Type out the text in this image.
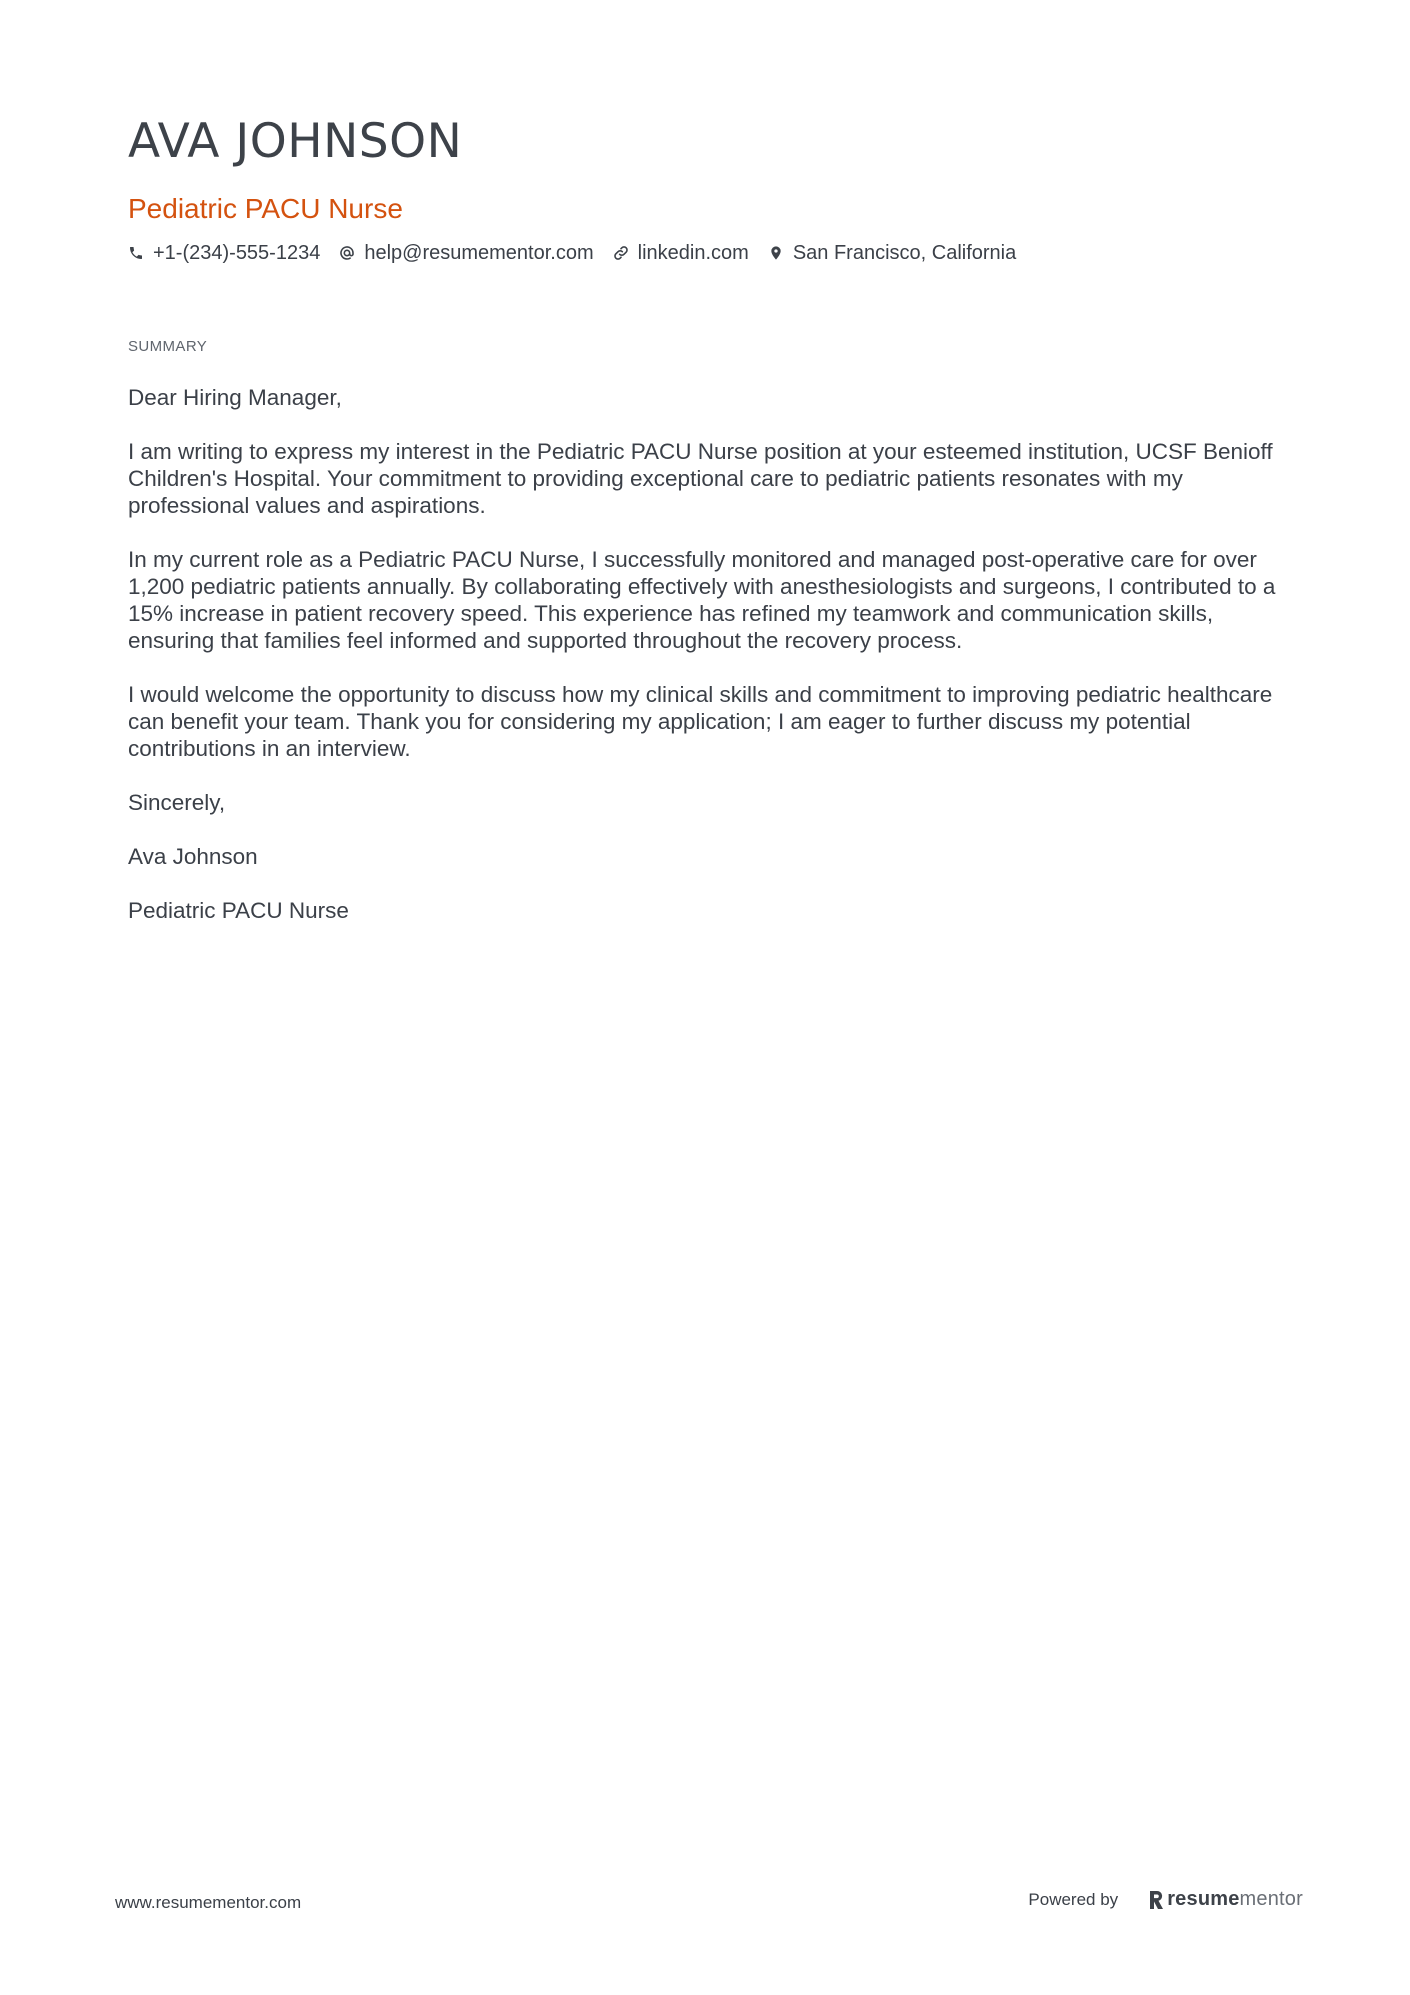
AVA JOHNSON
Pediatric PACU Nurse
+1-(234)-555-1234 help@resumementor.com linkedin.com San Francisco, California
SUMMARY

Dear Hiring Manager,

I am writing to express my interest in the Pediatric PACU Nurse position at your esteemed institution, UCSF Benioff Children's Hospital. Your commitment to providing exceptional care to pediatric patients resonates with my professional values and aspirations.

In my current role as a Pediatric PACU Nurse, I successfully monitored and managed post-operative care for over 1,200 pediatric patients annually. By collaborating effectively with anesthesiologists and surgeons, I contributed to a 15% increase in patient recovery speed. This experience has refined my teamwork and communication skills, ensuring that families feel informed and supported throughout the recovery process.

I would welcome the opportunity to discuss how my clinical skills and commitment to improving pediatric healthcare can benefit your team. Thank you for considering my application; I am eager to further discuss my potential contributions in an interview.

Sincerely,

Ava Johnson

Pediatric PACU Nurse

www.resumementor.com	Powered by resume mentor
